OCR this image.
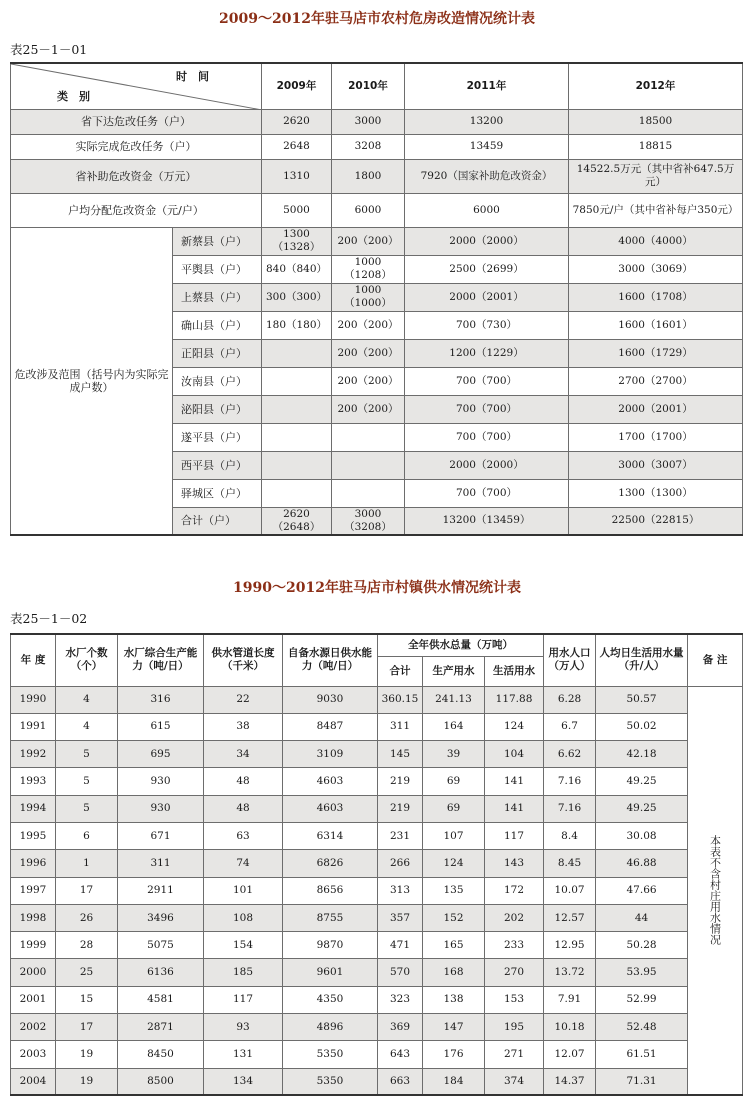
2009～2012年驻马店市农村危房改造情况统计表
表25－1－01
时　间
类　别		2009年	2010年	2011年	2012年
省下达危改任务（户）		2620	3000	13200	18500
实际完成危改任务（户）		2648	3208	13459	18815
省补助危改资金（万元）		1310	1800	7920（国家补助危改资金）	14522.5万元（其中省补647.5万元）
户均分配危改资金（元/户）		5000	6000	6000	7850元/户（其中省补每户350元）
危改涉及范围（括号内为实际完成户数）	新蔡县（户）	1300（1328）	200（200）	2000（2000）	4000（4000）
	平舆县（户）	840（840）	1000（1208）	2500（2699）	3000（3069）
	上蔡县（户）	300（300）	1000（1000）	2000（2001）	1600（1708）
	确山县（户）	180（180）	200（200）	700（730）	1600（1601）
	正阳县（户）		200（200）	1200（1229）	1600（1729）
	汝南县（户）		200（200）	700（700）	2700（2700）
	泌阳县（户）		200（200）	700（700）	2000（2001）
	遂平县（户）			700（700）	1700（1700）
	西平县（户）			2000（2000）	3000（3007）
	驿城区（户）			700（700）	1300（1300）
	合计（户）	2620（2648）	3000（3208）	13200（13459）	22500（22815）
1990～2012年驻马店市村镇供水情况统计表
表25－1－02
年 度	水厂个数（个）	水厂综合生产能力（吨/日）	供水管道长度（千米）	自备水源日供水能力（吨/日）	全年供水总量（万吨）			用水人口（万人）	人均日生活用水量（升/人）	备 注
					合计	生产用水	生活用水			
1990	4	316	22	9030	360.15	241.13	117.88	6.28	50.57	本表不含村庄用水情况
1991	4	615	38	8487	311	164	124	6.7	50.02	
1992	5	695	34	3109	145	39	104	6.62	42.18	
1993	5	930	48	4603	219	69	141	7.16	49.25	
1994	5	930	48	4603	219	69	141	7.16	49.25	
1995	6	671	63	6314	231	107	117	8.4	30.08	
1996	1	311	74	6826	266	124	143	8.45	46.88	
1997	17	2911	101	8656	313	135	172	10.07	47.66	
1998	26	3496	108	8755	357	152	202	12.57	44	
1999	28	5075	154	9870	471	165	233	12.95	50.28	
2000	25	6136	185	9601	570	168	270	13.72	53.95	
2001	15	4581	117	4350	323	138	153	7.91	52.99	
2002	17	2871	93	4896	369	147	195	10.18	52.48	
2003	19	8450	131	5350	643	176	271	12.07	61.51	
2004	19	8500	134	5350	663	184	374	14.37	71.31	
